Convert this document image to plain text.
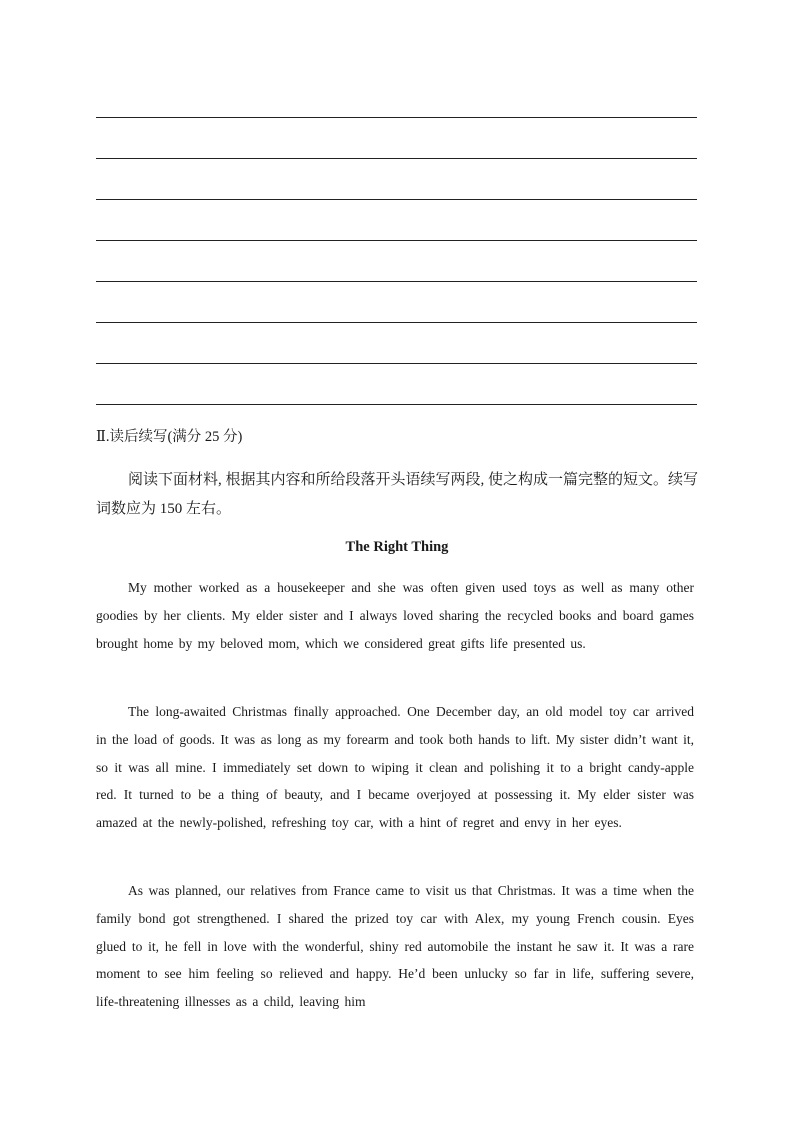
Ⅱ.读后续写(满分 25 分)
阅读下面材料, 根据其内容和所给段落开头语续写两段, 使之构成一篇完整的短文。续写词数应为 150 左右。
The Right Thing
My mother worked as a housekeeper and she was often given used toys as well as many other goodies by her clients. My elder sister and I always loved sharing the recycled books and board games brought home by my beloved mom, which we considered great gifts life presented us.
The long-awaited Christmas finally approached. One December day, an old model toy car arrived in the load of goods. It was as long as my forearm and took both hands to lift. My sister didn’t want it, so it was all mine. I immediately set down to wiping it clean and polishing it to a bright candy-apple red. It turned to be a thing of beauty, and I became overjoyed at possessing it. My elder sister was amazed at the newly-polished, refreshing toy car, with a hint of regret and envy in her eyes.
As was planned, our relatives from France came to visit us that Christmas. It was a time when the family bond got strengthened. I shared the prized toy car with Alex, my young French cousin. Eyes glued to it, he fell in love with the wonderful, shiny red automobile the instant he saw it. It was a rare moment to see him feeling so relieved and happy. He’d been unlucky so far in life, suffering severe, life-threatening illnesses as a child, leaving him
